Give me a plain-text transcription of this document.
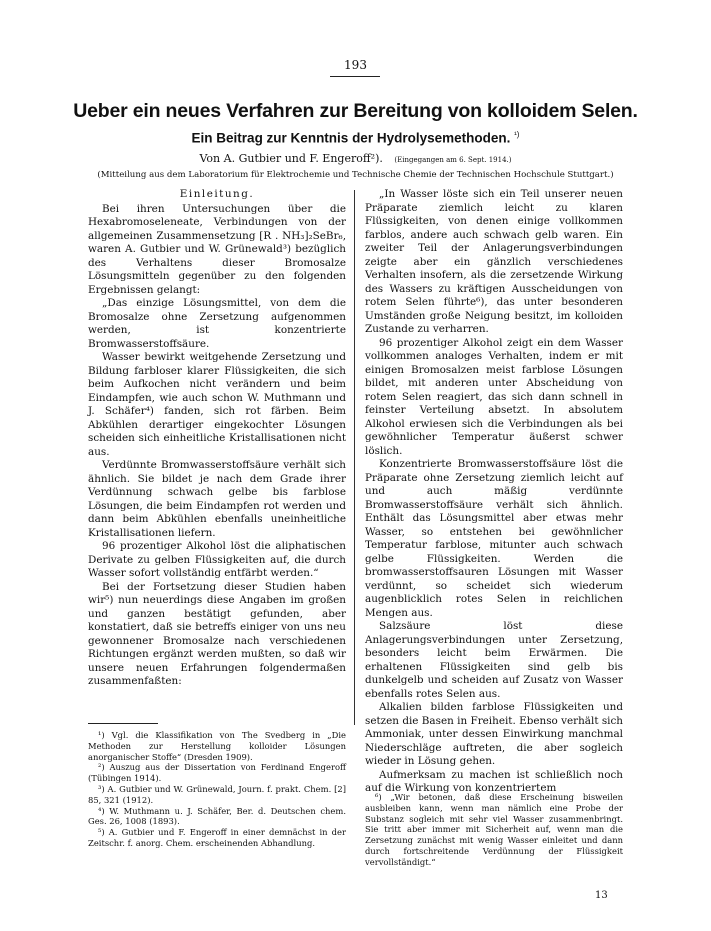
193
Ueber ein neues Verfahren zur Bereitung von kolloidem Selen.
Ein Beitrag zur Kenntnis der Hydrolysemethoden. $^{^1)}$
Von A. Gutbier und F. Engeroff²). (Eingegangen am 6. Sept. 1914.)
(Mitteilung aus dem Laboratorium für Elektrochemie und Technische Chemie der Technischen Hochschule Stuttgart.)

Einleitung.

Bei ihren Untersuchungen über die Hexabromoseleneate, Verbindungen von der allgemeinen Zusammensetzung [R . NH₃]₂SeBr₆, waren A. Gutbier und W. Grünewald³) bezüglich des Verhaltens dieser Bromosalze Lösungsmitteln gegenüber zu den folgenden Ergebnissen gelangt:

„Das einzige Lösungsmittel, von dem die Bromosalze ohne Zersetzung aufgenommen werden, ist konzentrierte Bromwasserstoffsäure.

Wasser bewirkt weitgehende Zersetzung und Bildung farbloser klarer Flüssigkeiten, die sich beim Aufkochen nicht verändern und beim Eindampfen, wie auch schon W. Muthmann und J. Schäfer⁴) fanden, sich rot färben. Beim Abkühlen derartiger eingekochter Lösungen scheiden sich einheitliche Kristallisationen nicht aus.

Verdünnte Bromwasserstoffsäure verhält sich ähnlich. Sie bildet je nach dem Grade ihrer Verdünnung schwach gelbe bis farblose Lösungen, die beim Eindampfen rot werden und dann beim Abkühlen ebenfalls uneinheitliche Kristallisationen liefern.

96 prozentiger Alkohol löst die aliphatischen Derivate zu gelben Flüssigkeiten auf, die durch Wasser sofort vollständig entfärbt werden.“

Bei der Fortsetzung dieser Studien haben wir⁵) nun neuerdings diese Angaben im großen und ganzen bestätigt gefunden, aber konstatiert, daß sie betreffs einiger von uns neu gewonnener Bromosalze nach verschiedenen Richtungen ergänzt werden mußten, so daß wir unsere neuen Erfahrungen folgendermaßen zusammenfaßten:

„In Wasser löste sich ein Teil unserer neuen Präparate ziemlich leicht zu klaren Flüssigkeiten, von denen einige vollkommen farblos, andere auch schwach gelb waren. Ein zweiter Teil der Anlagerungsverbindungen zeigte aber ein gänzlich verschiedenes Verhalten insofern, als die zersetzende Wirkung des Wassers zu kräftigen Ausscheidungen von rotem Selen führte⁶), das unter besonderen Umständen große Neigung besitzt, im kolloiden Zustande zu verharren.

96 prozentiger Alkohol zeigt ein dem Wasser vollkommen analoges Verhalten, indem er mit einigen Bromosalzen meist farblose Lösungen bildet, mit anderen unter Abscheidung von rotem Selen reagiert, das sich dann schnell in feinster Verteilung absetzt. In absolutem Alkohol erwiesen sich die Verbindungen als bei gewöhnlicher Temperatur äußerst schwer löslich.

Konzentrierte Bromwasserstoffsäure löst die Präparate ohne Zersetzung ziemlich leicht auf und auch mäßig verdünnte Bromwasserstoffsäure verhält sich ähnlich. Enthält das Lösungsmittel aber etwas mehr Wasser, so entstehen bei gewöhnlicher Temperatur farblose, mitunter auch schwach gelbe Flüssigkeiten. Werden die bromwasserstoffsauren Lösungen mit Wasser verdünnt, so scheidet sich wiederum augenblicklich rotes Selen in reichlichen Mengen aus.

Salzsäure löst diese Anlagerungsverbindungen unter Zersetzung, besonders leicht beim Erwärmen. Die erhaltenen Flüssigkeiten sind gelb bis dunkelgelb und scheiden auf Zusatz von Wasser ebenfalls rotes Selen aus.

Alkalien bilden farblose Flüssigkeiten und setzen die Basen in Freiheit. Ebenso verhält sich Ammoniak, unter dessen Einwirkung manchmal Niederschläge auftreten, die aber sogleich wieder in Lösung gehen.

Aufmerksam zu machen ist schließlich noch auf die Wirkung von konzentriertem

¹) Vgl. die Klassifikation von The Svedberg in „Die Methoden zur Herstellung kolloider Lösungen anorganischer Stoffe“ (Dresden 1909).

²) Auszug aus der Dissertation von Ferdinand Engeroff (Tübingen 1914).

³) A. Gutbier und W. Grünewald, Journ. f. prakt. Chem. [2] 85, 321 (1912).

⁴) W. Muthmann u. J. Schäfer, Ber. d. Deutschen chem. Ges. 26, 1008 (1893).

⁵) A. Gutbier und F. Engeroff in einer demnächst in der Zeitschr. f. anorg. Chem. erscheinenden Abhandlung.

⁶) „Wir betonen, daß diese Erscheinung bisweilen ausbleiben kann, wenn man nämlich eine Probe der Substanz sogleich mit sehr viel Wasser zusammenbringt. Sie tritt aber immer mit Sicherheit auf, wenn man die Zersetzung zunächst mit wenig Wasser einleitet und dann durch fortschreitende Verdünnung der Flüssigkeit vervollständigt.“

13
